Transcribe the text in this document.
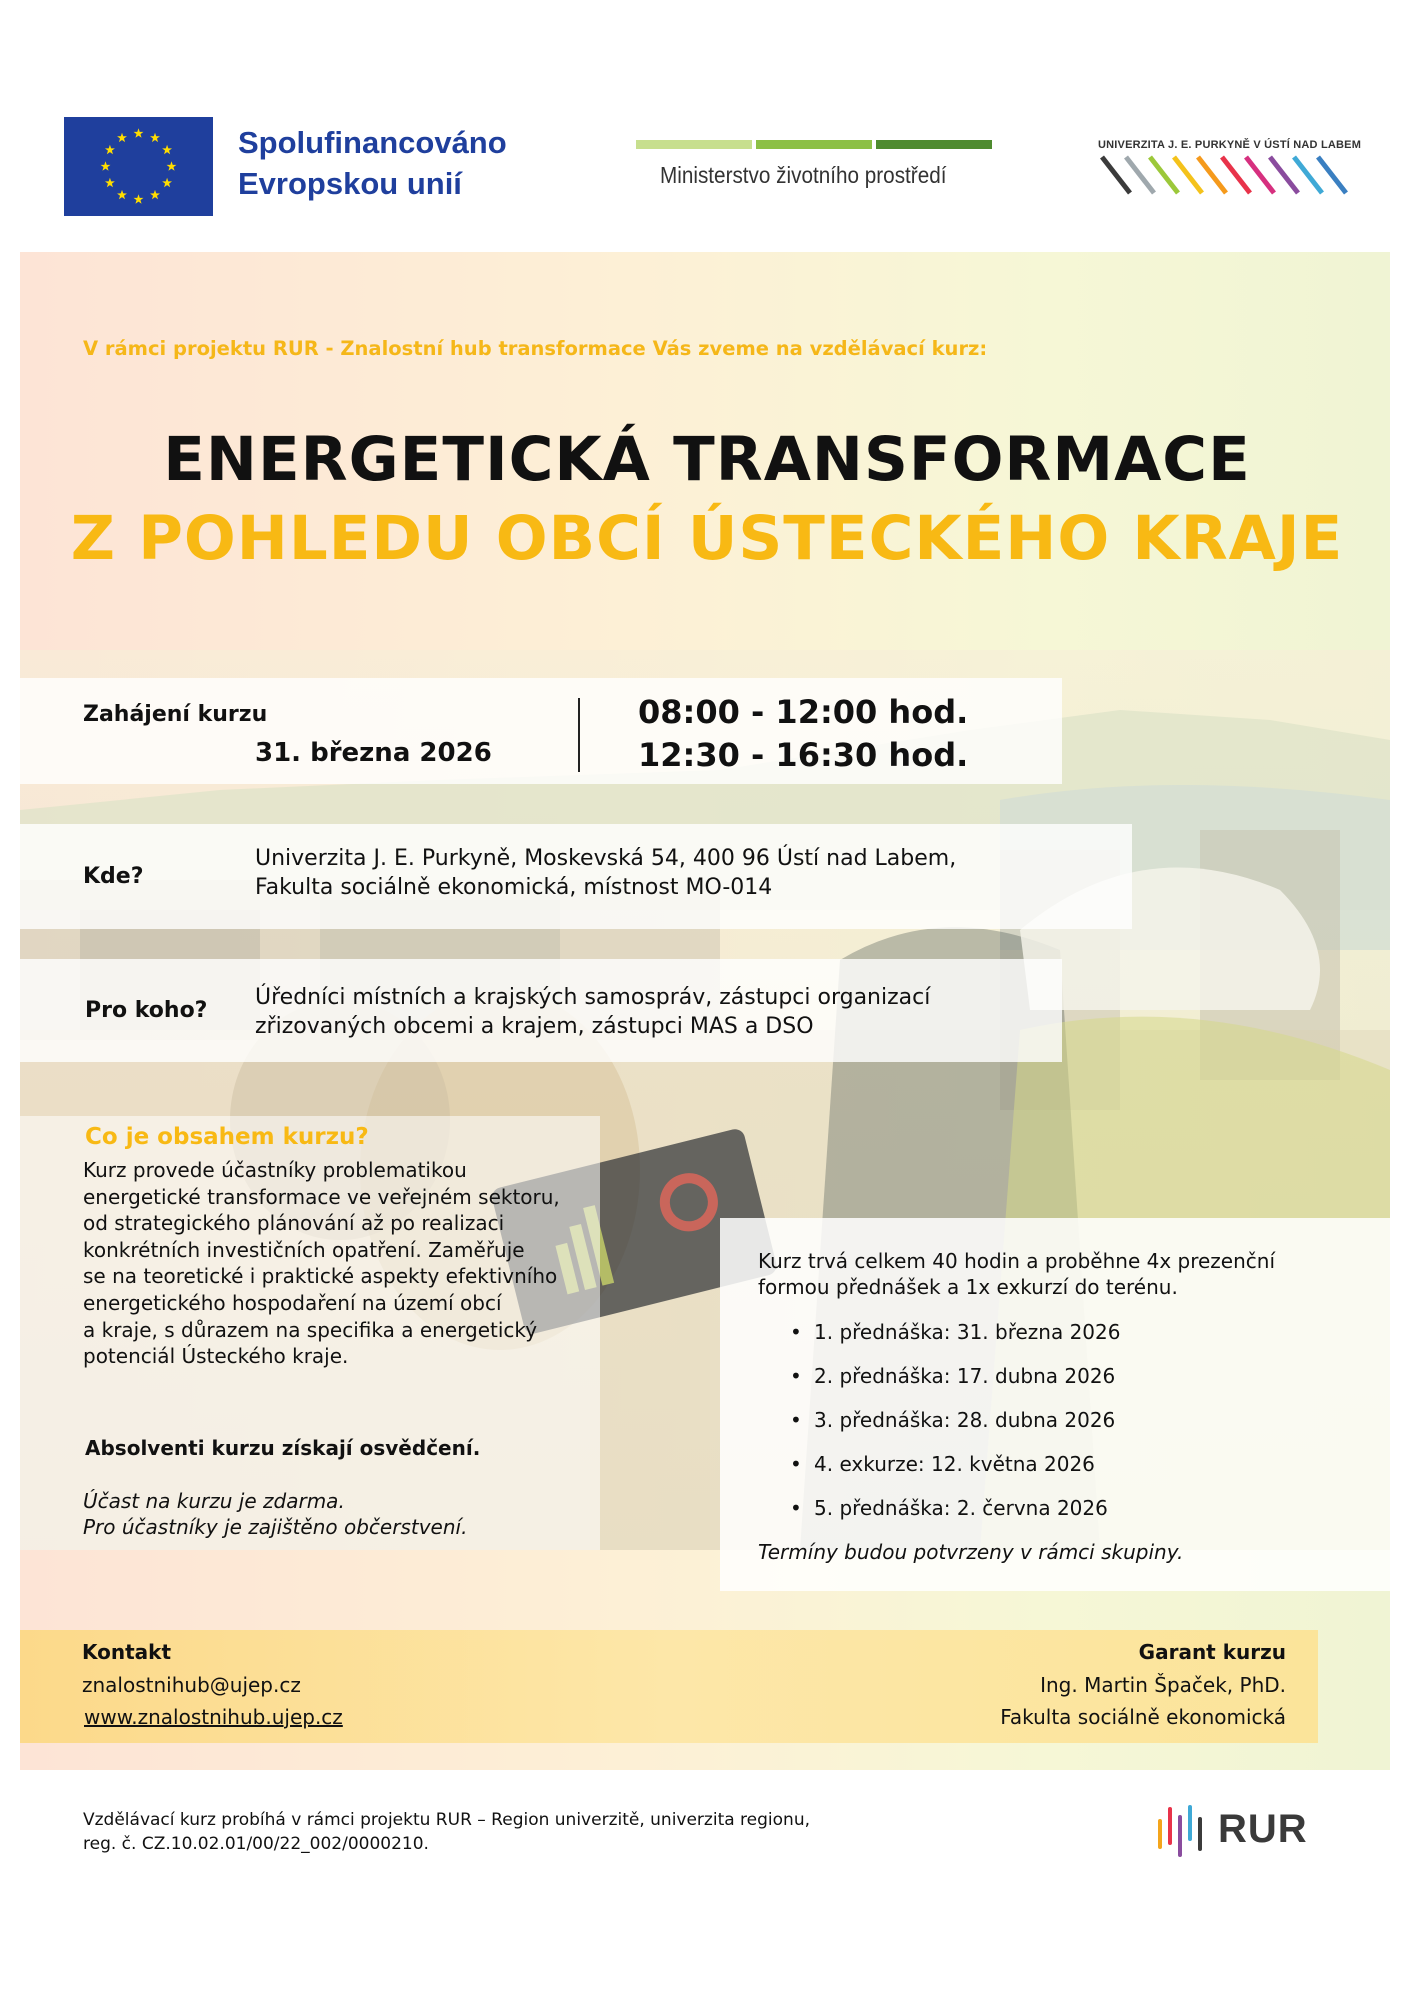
Spolufinancováno
Evropskou unií	Ministerstvo životního prostředí
UNIVERZITA J. E. PURKYNĚ V ÚSTÍ NAD LABEM
V rámci projektu RUR - Znalostní hub transformace Vás zveme na vzdělávací kurz:
ENERGETICKÁ TRANSFORMACE
Z POHLEDU OBCÍ ÚSTECKÉHO KRAJE
Zahájení kurzu
31. března 2026
08:00 - 12:00 hod.
12:30 - 16:30 hod.
Kde?
Univerzita J. E. Purkyně, Moskevská 54, 400 96 Ústí nad Labem,
Fakulta sociálně ekonomická, místnost MO-014
Pro koho?
Úředníci místních a krajských samospráv, zástupci organizací
zřizovaných obcemi a krajem, zástupci MAS a DSO
Co je obsahem kurzu?
Kurz provede účastníky problematikou
energetické transformace ve veřejném sektoru,
od strategického plánování až po realizaci
konkrétních investičních opatření. Zaměřuje
se na teoretické i praktické aspekty efektivního
energetického hospodaření na území obcí
a kraje, s důrazem na specifika a energetický
potenciál Ústeckého kraje.
Absolventi kurzu získají osvědčení.
Účast na kurzu je zdarma.
Pro účastníky je zajištěno občerstvení.
Kurz trvá celkem 40 hodin a proběhne 4x prezenční
formou přednášek a 1x exkurzí do terénu.
• 1. přednáška: 31. března 2026
• 2. přednáška: 17. dubna 2026
• 3. přednáška: 28. dubna 2026
• 4. exkurze: 12. května 2026
• 5. přednáška: 2. června 2026
Termíny budou potvrzeny v rámci skupiny.
Kontakt
znalostnihub@ujep.cz
www.znalostnihub.ujep.cz
Garant kurzu
Ing. Martin Špaček, PhD.
Fakulta sociálně ekonomická
Vzdělávací kurz probíhá v rámci projektu RUR – Region univerzitě, univerzita regionu,
reg. č. CZ.10.02.01/00/22_002/0000210.	RUR
